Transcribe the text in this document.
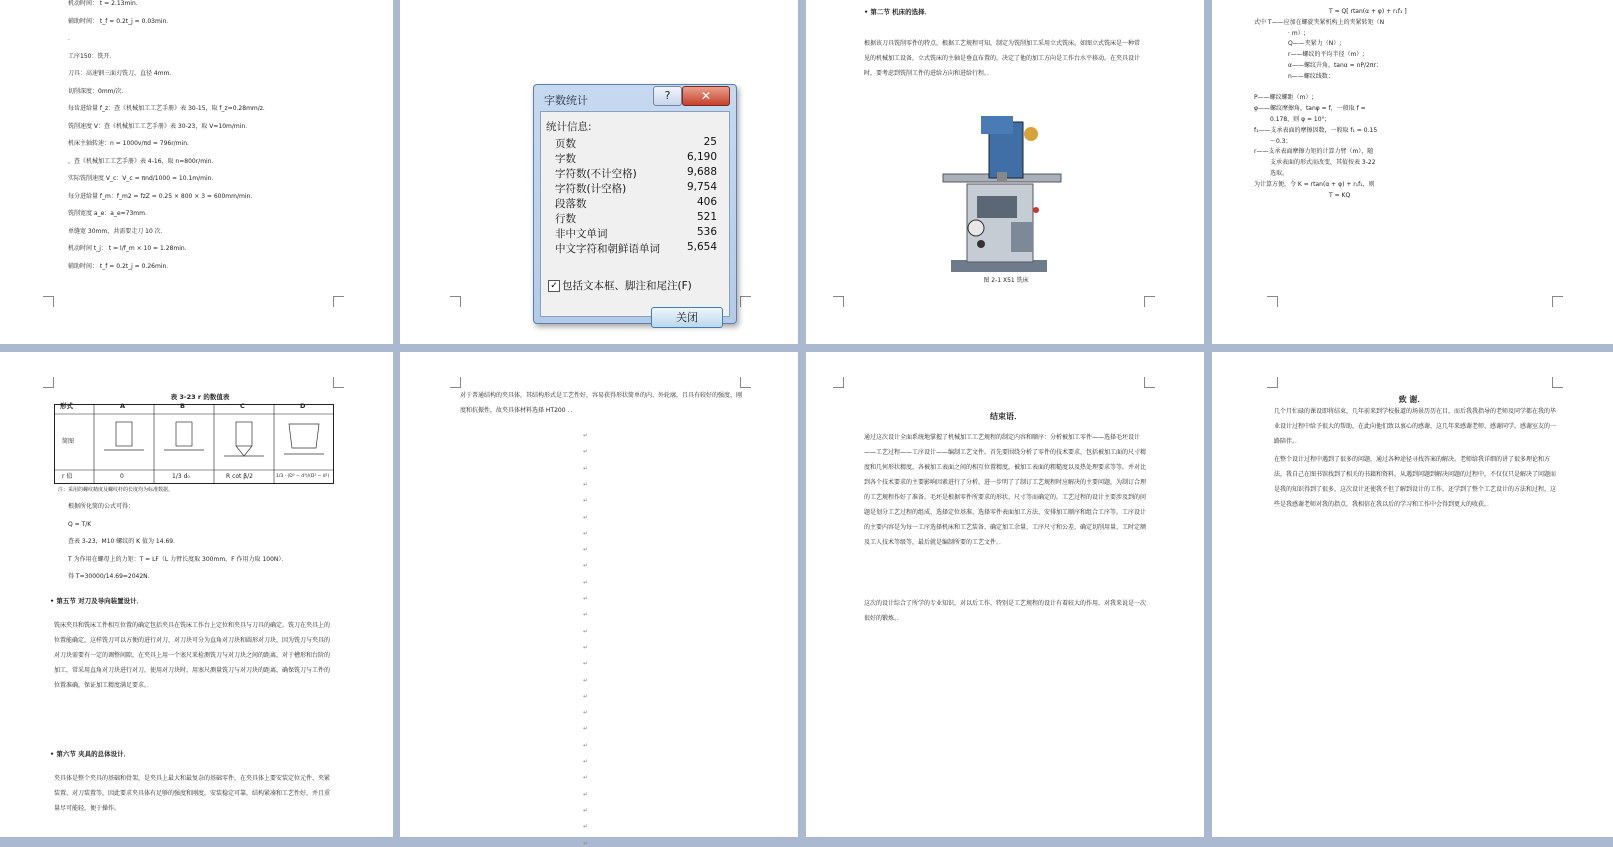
机动时间： t = 2.13min．
辅助时间： t_f = 0.2t_j = 0.03min．
．
工序150：铣开．
刀具：高速钢三面刃铣刀，直径 4mm．
切削深度：0mm/次．
每齿进给量 f_z：查《机械加工工艺手册》表 30-15，取 f_z=0.28mm/z．
铣削速度 V：查《机械加工工艺手册》表 30-23，取 V=10m/min．
机床主轴转速：n = 1000v/πd = 796r/min．
，查《机械加工工艺手册》表 4-16，取 n=800r/min．
实际铣削速度 V_c：V_c = πnd/1000 = 10.1m/min．
每分进给量 f_m：f_m2 = fzZ = 0.25 × 800 × 3 = 600mm/min．
铣削宽度 a_e：a_e=73mm．
单缝宽 30mm，共需要走刀 10 次．
机动时间 t_j： t = l/f_m × 10 = 1.28min．
辅助时间： t_f = 0.2t_j = 0.26min．
• 第二节 机床的选择．
根据该刀具铣削零件的特点，根据工艺规程可知，制定为铣削加工采用立式铣床。如图立式铣床是一种常见的机械加工设备，立式铣床的主轴是垂直布置的，决定了他的加工方向是工作台水平移动。在夹具设计时，要考虑到铣削工件的进给方向和进给行程。．
图 2-1 X51 铣床
T = Q[ rtan(α + φ) + r₁f₁ ]
式中 T——应加在螺旋夹紧机构上的夹紧转矩（N
· m）;
Q——夹紧力（N）;
r——螺纹的平均半径（m）;
α——螺纹升角，tanα = nP/2πr；
n——螺纹线数；
P——螺纹螺距（m）;
φ——螺纹摩擦角，tanφ = f，一般取 f =
0.178，则 φ = 10°;
f₁——支承表面的摩擦因数，一般取 f₁ = 0.15
～0.3；
r——支承表面摩擦力矩的计算力臂（m），随
支承表面的形式而改变，其值按表 3-22
选取。
为计算方便，令 K = rtan(α + φ) + r₁f₁，则
T = KQ
表 3-23 r 的数值表
形式	A	B	C	D
简图
r 值	0	1/3 d₀	R cot β/2	1/3 · (D³ − d³)/(D² − d²)
注：采用的螺纹精度及螺纹杆的长度均为标准数据。
根据所化简的公式可得：
Q = T/K
查表 3-23，M10 螺纹的 K 值为 14.69．
T 为作用在螺母上的力矩：T = LF（L 力臂长度取 300mm，F 作用力取 100N）．
得 T=30000/14.69=2042N．
• 第五节 对刀及导向装置设计．
铣床夹具和铣床工件相互位置的确定包括夹具在铣床工作台上定位和夹具与刀具的确定。铣刀在夹具上的位置能确定，这样铣刀可以方便的进行对刀，对刀块可分为直角对刀块和圆形对刀块，因为铣刀与夹具的对刀块需要有一定的调整间隙，在夹具上用一个塞尺来检测铣刀与对刀块之间的距离，对于槽形和台阶的加工，常采用直角对刀块进行对刀，使用对刀块时，用塞尺测量铣刀与对刀块的距离，确保铣刀与工件的位置准确，保证加工精度满足要求。．
• 第六节 夹具的总体设计．
夹具体是整个夹具的基础和骨架，是夹具上最大和最复杂的基础零件，在夹具体上要安装定位元件、夹紧装置、对刀装置等，因此要求夹具体有足够的强度和刚度，安装稳定可靠，结构紧凑和工艺性好，并且重量尽可能轻，便于操作。
对于普通结构的夹具体，其结构形式是工艺性好，容易获得形状简单的内、外轮廓，且具有较好的强度、刚度和抗振性，故夹具体材料选择 HT200 ．．
↵
↵
↵
↵
↵
↵
↵
↵
↵
↵
↵
↵
↵
↵
↵
↵
↵
↵
↵
↵
↵
↵
↵
↵
↵
↵
结束语．
通过这次设计全面系统地掌握了机械加工工艺规程的制定内容和顺序：分析被加工零件——选择毛坯设计——工艺过程——工序设计——编制工艺文件。首先要围绕分析了零件的技术要求，包括被加工面的尺寸精度和几何形状精度，各被加工表面之间的相互位置精度，被加工表面的粗糙度以及热处理要求等等。并对比到各个技术要求的主要影响因素进行了分析，进一步明了了制订工艺规程时应解决的主要问题，为制订合理的工艺规程作好了准备。毛坯是根据零件所要求的形状、尺寸等而确定的。工艺过程的设计主要涉及到的问题是划分工艺过程的组成、选择定位基准、选择零件表面加工方法、安排加工顺序和组合工序等。工序设计的主要内容是为每一工序选择机床和工艺装备、确定加工余量、工序尺寸和公差、确定切削用量、工时定额及工人技术等级等，最后就是编制所要的工艺文件。．
这次的设计综合了所学的专业知识，对以后工作，特别是工艺规程的设计有着较大的作用，对我来说是一次很好的锻炼。．
致 谢．
几个月忙碌的课设即将结束，几年前来到学校报道的场景历历在目，而后我我指导的老师及同学都在我的毕业设计过程中给予很大的帮助，在此向他们致以衷心的感谢，这几年来感谢老师、感谢同学、感谢室友的一路陪伴。．
在整个设计过程中遇到了很多的问题，通过各种途径寻找答案的解决。老师给我详细的讲了很多理论和方法，我自己在图书馆找到了相关的书籍和资料，从遇到问题到解决问题的过程中，不仅仅只是解决了问题而是我的知识得到了很多，这次设计还使我不但了解到设计的工作，还学到了整个工艺设计的方法和过程，这些是我感谢老师对我的指点，我相信在我以后的学习和工作中会得到更大的收获。．
字数统计	?	✕
统计信息:
页数	25
字数	6,190
字符数(不计空格)	9,688
字符数(计空格)	9,754
段落数	406
行数	521
非中文单词	536
中文字符和朝鲜语单词	5,654
✓ 包括文本框、脚注和尾注(F)
关闭
